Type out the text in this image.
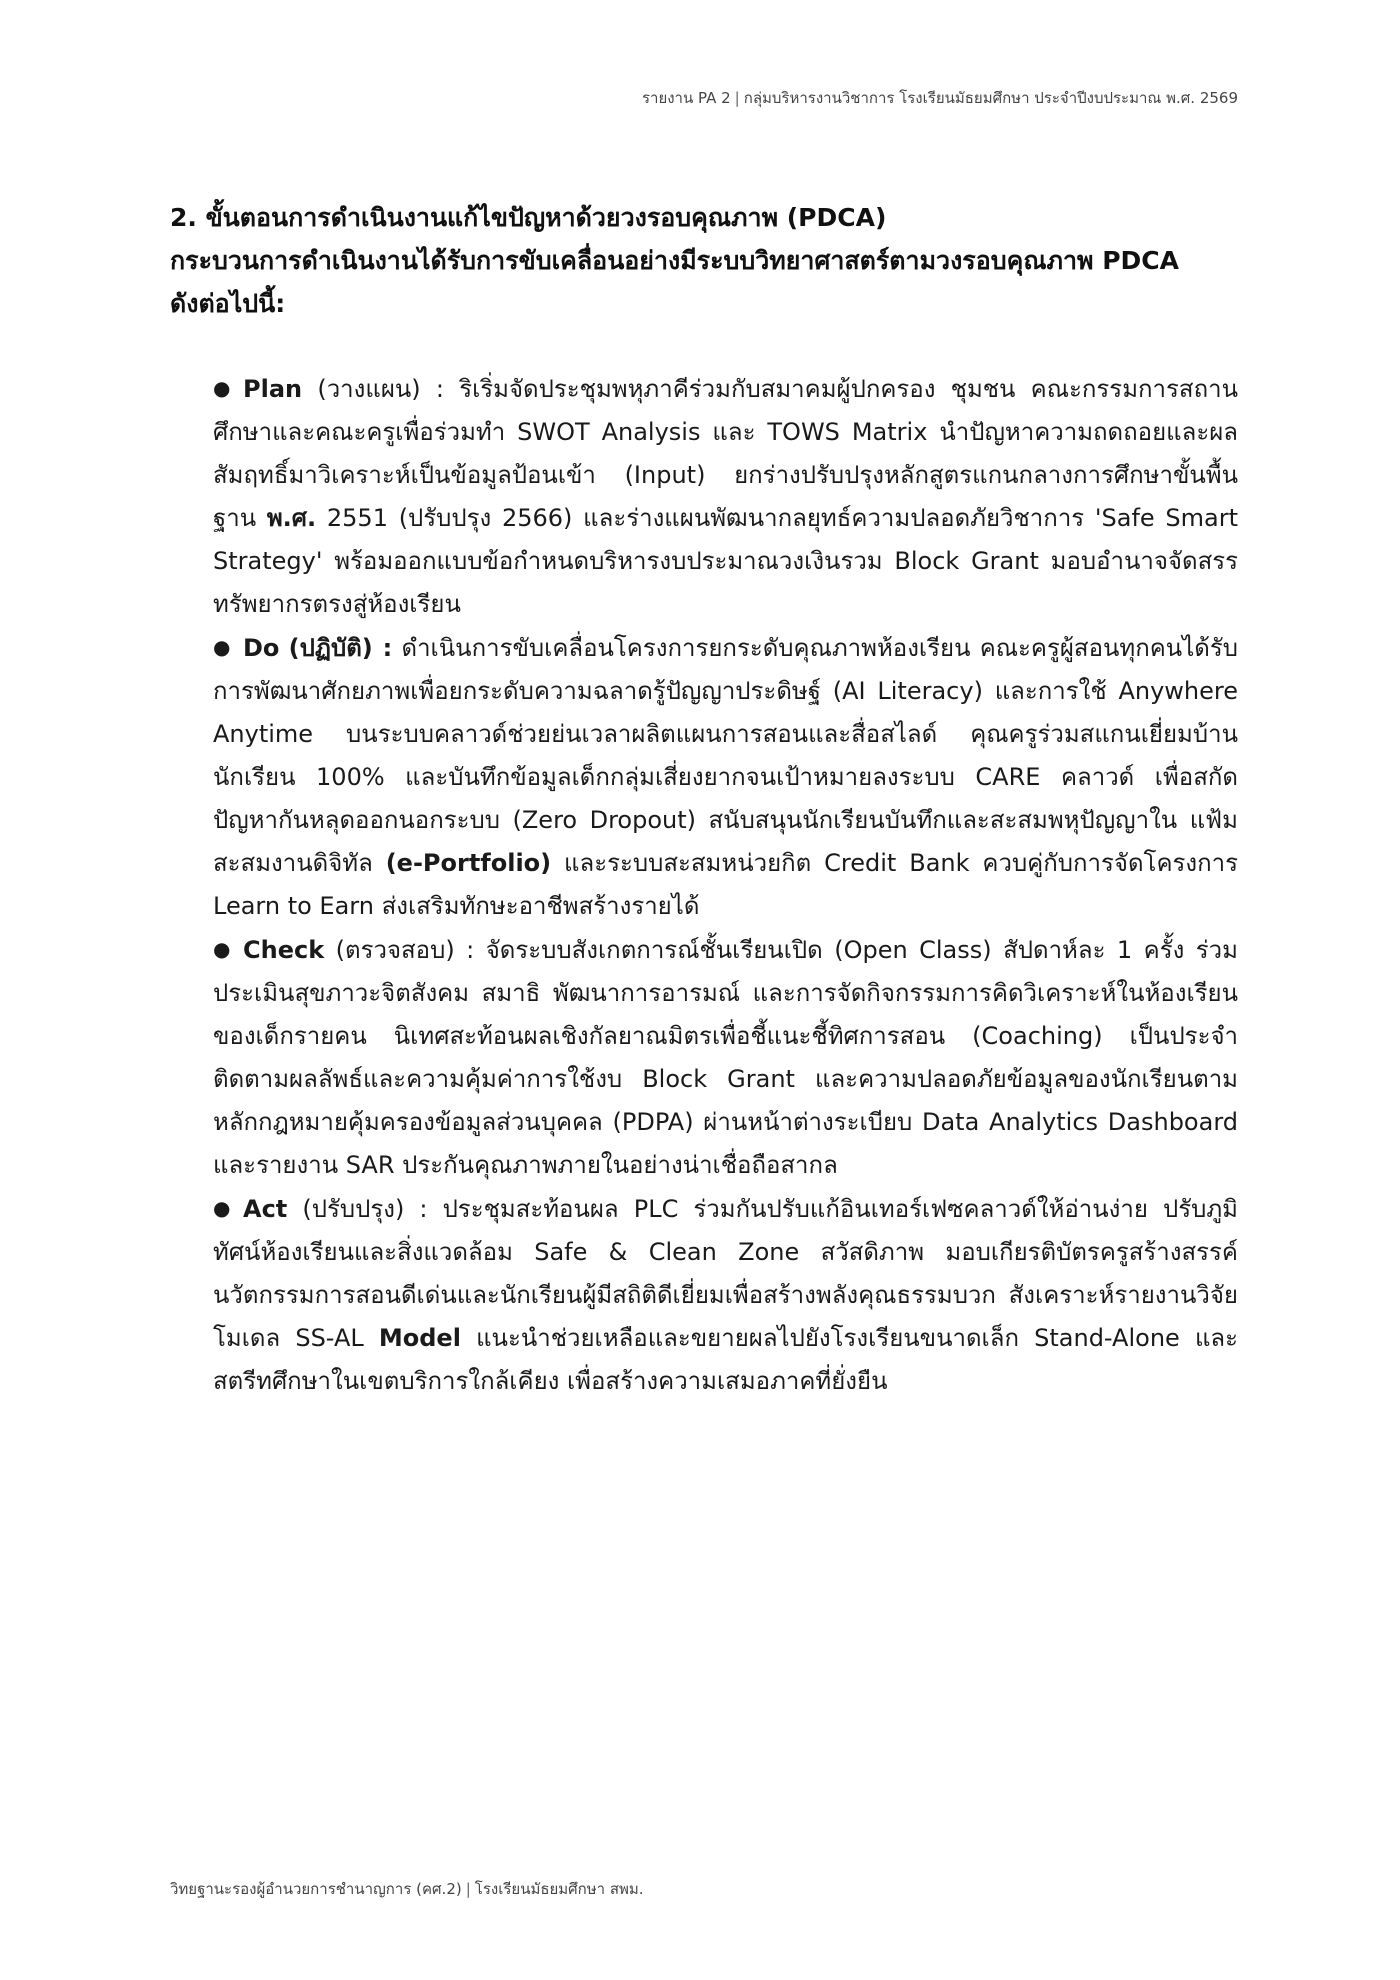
รายงาน PA 2 | กลุ่มบริหารงานวิชาการ โรงเรียนมัธยมศึกษา ประจำปีงบประมาณ พ.ศ. 2569
2. ขั้นตอนการดำเนินงานแก้ไขปัญหาด้วยวงรอบคุณภาพ (PDCA)
กระบวนการดำเนินงานได้รับการขับเคลื่อนอย่างมีระบบวิทยาศาสตร์ตามวงรอบคุณภาพ PDCA
ดังต่อไปนี้:

● Plan (วางแผน) : ริเริ่มจัดประชุมพหุภาคีร่วมกับสมาคมผู้ปกครอง ชุมชน คณะกรรมการสถานศึกษาและคณะครูเพื่อร่วมทำ SWOT Analysis และ TOWS Matrix นำปัญหาความถดถอยและผลสัมฤทธิ์มาวิเคราะห์เป็นข้อมูลป้อนเข้า (Input) ยกร่างปรับปรุงหลักสูตรแกนกลางการศึกษาขั้นพื้นฐาน พ.ศ. 2551 (ปรับปรุง 2566) และร่างแผนพัฒนากลยุทธ์ความปลอดภัยวิชาการ 'Safe Smart Strategy' พร้อมออกแบบข้อกำหนดบริหารงบประมาณวงเงินรวม Block Grant มอบอำนาจจัดสรรทรัพยากรตรงสู่ห้องเรียน

● Do (ปฏิบัติ) : ดำเนินการขับเคลื่อนโครงการยกระดับคุณภาพห้องเรียน คณะครูผู้สอนทุกคนได้รับการพัฒนาศักยภาพเพื่อยกระดับความฉลาดรู้ปัญญาประดิษฐ์ (AI Literacy) และการใช้ Anywhere Anytime บนระบบคลาวด์ช่วยย่นเวลาผลิตแผนการสอนและสื่อสไลด์ คุณครูร่วมสแกนเยี่ยมบ้านนักเรียน 100% และบันทึกข้อมูลเด็กกลุ่มเสี่ยงยากจนเป้าหมายลงระบบ CARE คลาวด์ เพื่อสกัดปัญหากันหลุดออกนอกระบบ (Zero Dropout) สนับสนุนนักเรียนบันทึกและสะสมพหุปัญญาใน แฟ้มสะสมงานดิจิทัล (e-Portfolio) และระบบสะสมหน่วยกิต Credit Bank ควบคู่กับการจัดโครงการ Learn to Earn ส่งเสริมทักษะอาชีพสร้างรายได้

● Check (ตรวจสอบ) : จัดระบบสังเกตการณ์ชั้นเรียนเปิด (Open Class) สัปดาห์ละ 1 ครั้ง ร่วมประเมินสุขภาวะจิตสังคม สมาธิ พัฒนาการอารมณ์ และการจัดกิจกรรมการคิดวิเคราะห์ในห้องเรียนของเด็กรายคน นิเทศสะท้อนผลเชิงกัลยาณมิตรเพื่อชี้แนะชี้ทิศการสอน (Coaching) เป็นประจำ ติดตามผลลัพธ์และความคุ้มค่าการใช้งบ Block Grant และความปลอดภัยข้อมูลของนักเรียนตามหลักกฎหมายคุ้มครองข้อมูลส่วนบุคคล (PDPA) ผ่านหน้าต่างระเบียบ Data Analytics Dashboard และรายงาน SAR ประกันคุณภาพภายในอย่างน่าเชื่อถือสากล

● Act (ปรับปรุง) : ประชุมสะท้อนผล PLC ร่วมกันปรับแก้อินเทอร์เฟซคลาวด์ให้อ่านง่าย ปรับภูมิทัศน์ห้องเรียนและสิ่งแวดล้อม Safe & Clean Zone สวัสดิภาพ มอบเกียรติบัตรครูสร้างสรรค์นวัตกรรมการสอนดีเด่นและนักเรียนผู้มีสถิติดีเยี่ยมเพื่อสร้างพลังคุณธรรมบวก สังเคราะห์รายงานวิจัยโมเดล SS-AL Model แนะนำช่วยเหลือและขยายผลไปยังโรงเรียนขนาดเล็ก Stand-Alone และสตรีทศึกษาในเขตบริการใกล้เคียง เพื่อสร้างความเสมอภาคที่ยั่งยืน

วิทยฐานะรองผู้อำนวยการชำนาญการ (คศ.2) | โรงเรียนมัธยมศึกษา สพม.
